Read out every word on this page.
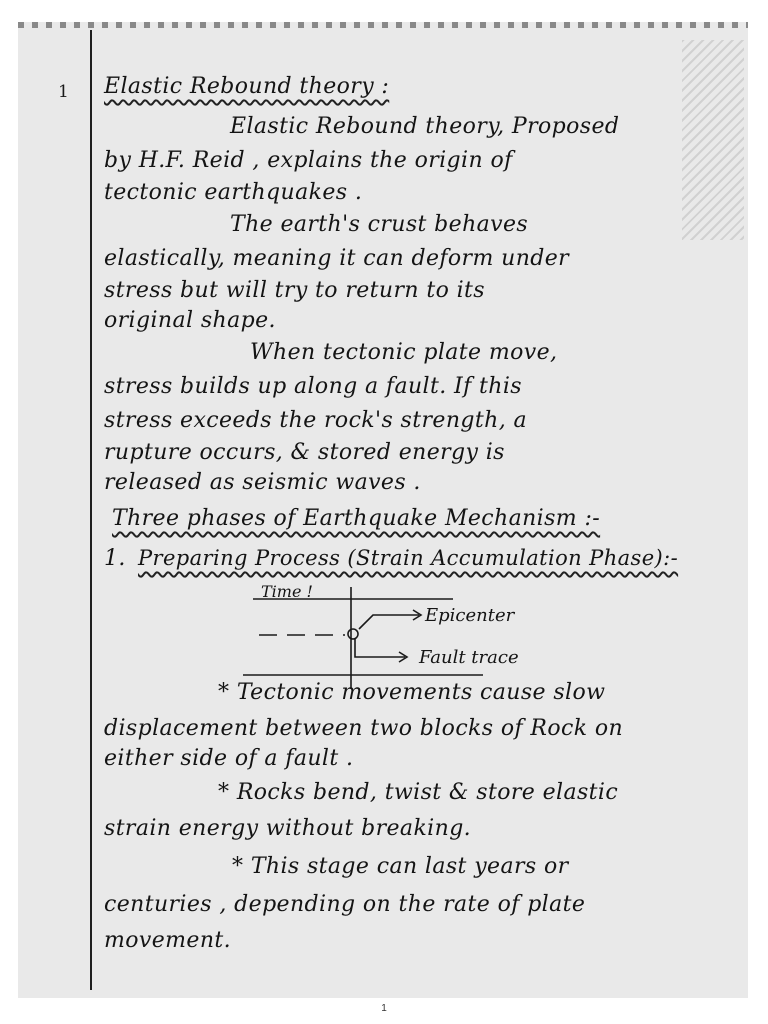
1 Elastic Rebound theory :
Elastic Rebound theory, Proposed
by H.F. Reid , explains the origin of
tectonic earthquakes .
The earth's crust behaves
elastically, meaning it can deform under
stress but will try to return to its
original shape.
When tectonic plate move,
stress builds up along a fault. If this
stress exceeds the rock's strength, a
rupture occurs, & stored energy is
released as seismic waves .
Three phases of Earthquake Mechanism :-
1. Preparing Process (Strain Accumulation Phase):-
Time !
Epicenter
Fault trace
* Tectonic movements cause slow
displacement between two blocks of Rock on
either side of a fault .
* Rocks bend, twist & store elastic
strain energy without breaking.
* This stage can last years or
centuries , depending on the rate of plate
movement.
1
